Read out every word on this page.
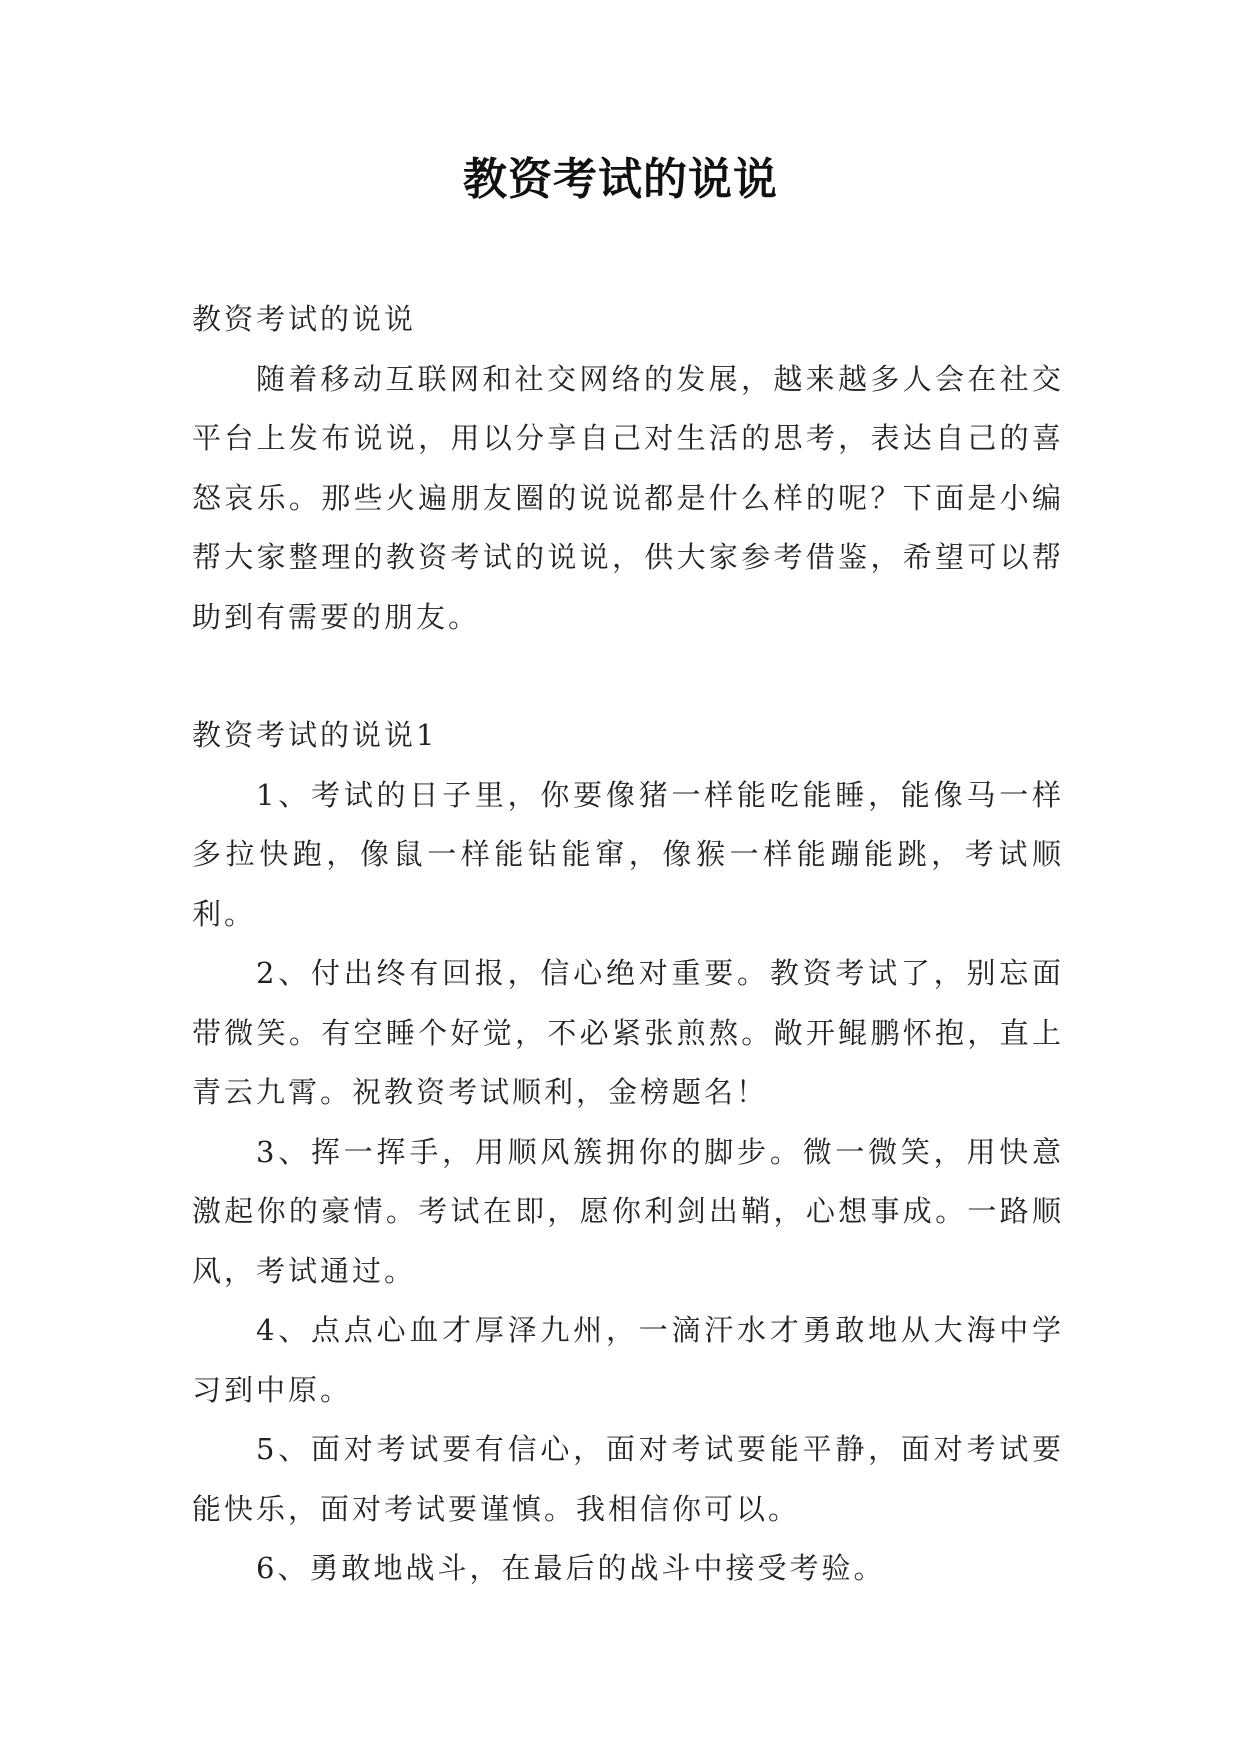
教资考试的说说

教资考试的说说

随着移动互联网和社交网络的发展，越来越多人会在社交平台上发布说说，用以分享自己对生活的思考，表达自己的喜怒哀乐。那些火遍朋友圈的说说都是什么样的呢？下面是小编帮大家整理的教资考试的说说，供大家参考借鉴，希望可以帮助到有需要的朋友。

教资考试的说说1

1、考试的日子里，你要像猪一样能吃能睡，能像马一样多拉快跑，像鼠一样能钻能窜，像猴一样能蹦能跳，考试顺利。

2、付出终有回报，信心绝对重要。教资考试了，别忘面带微笑。有空睡个好觉，不必紧张煎熬。敞开鲲鹏怀抱，直上青云九霄。祝教资考试顺利，金榜题名！

3、挥一挥手，用顺风簇拥你的脚步。微一微笑，用快意激起你的豪情。考试在即，愿你利剑出鞘，心想事成。一路顺风，考试通过。

4、点点心血才厚泽九州，一滴汗水才勇敢地从大海中学习到中原。

5、面对考试要有信心，面对考试要能平静，面对考试要能快乐，面对考试要谨慎。我相信你可以。

6、勇敢地战斗，在最后的战斗中接受考验。
